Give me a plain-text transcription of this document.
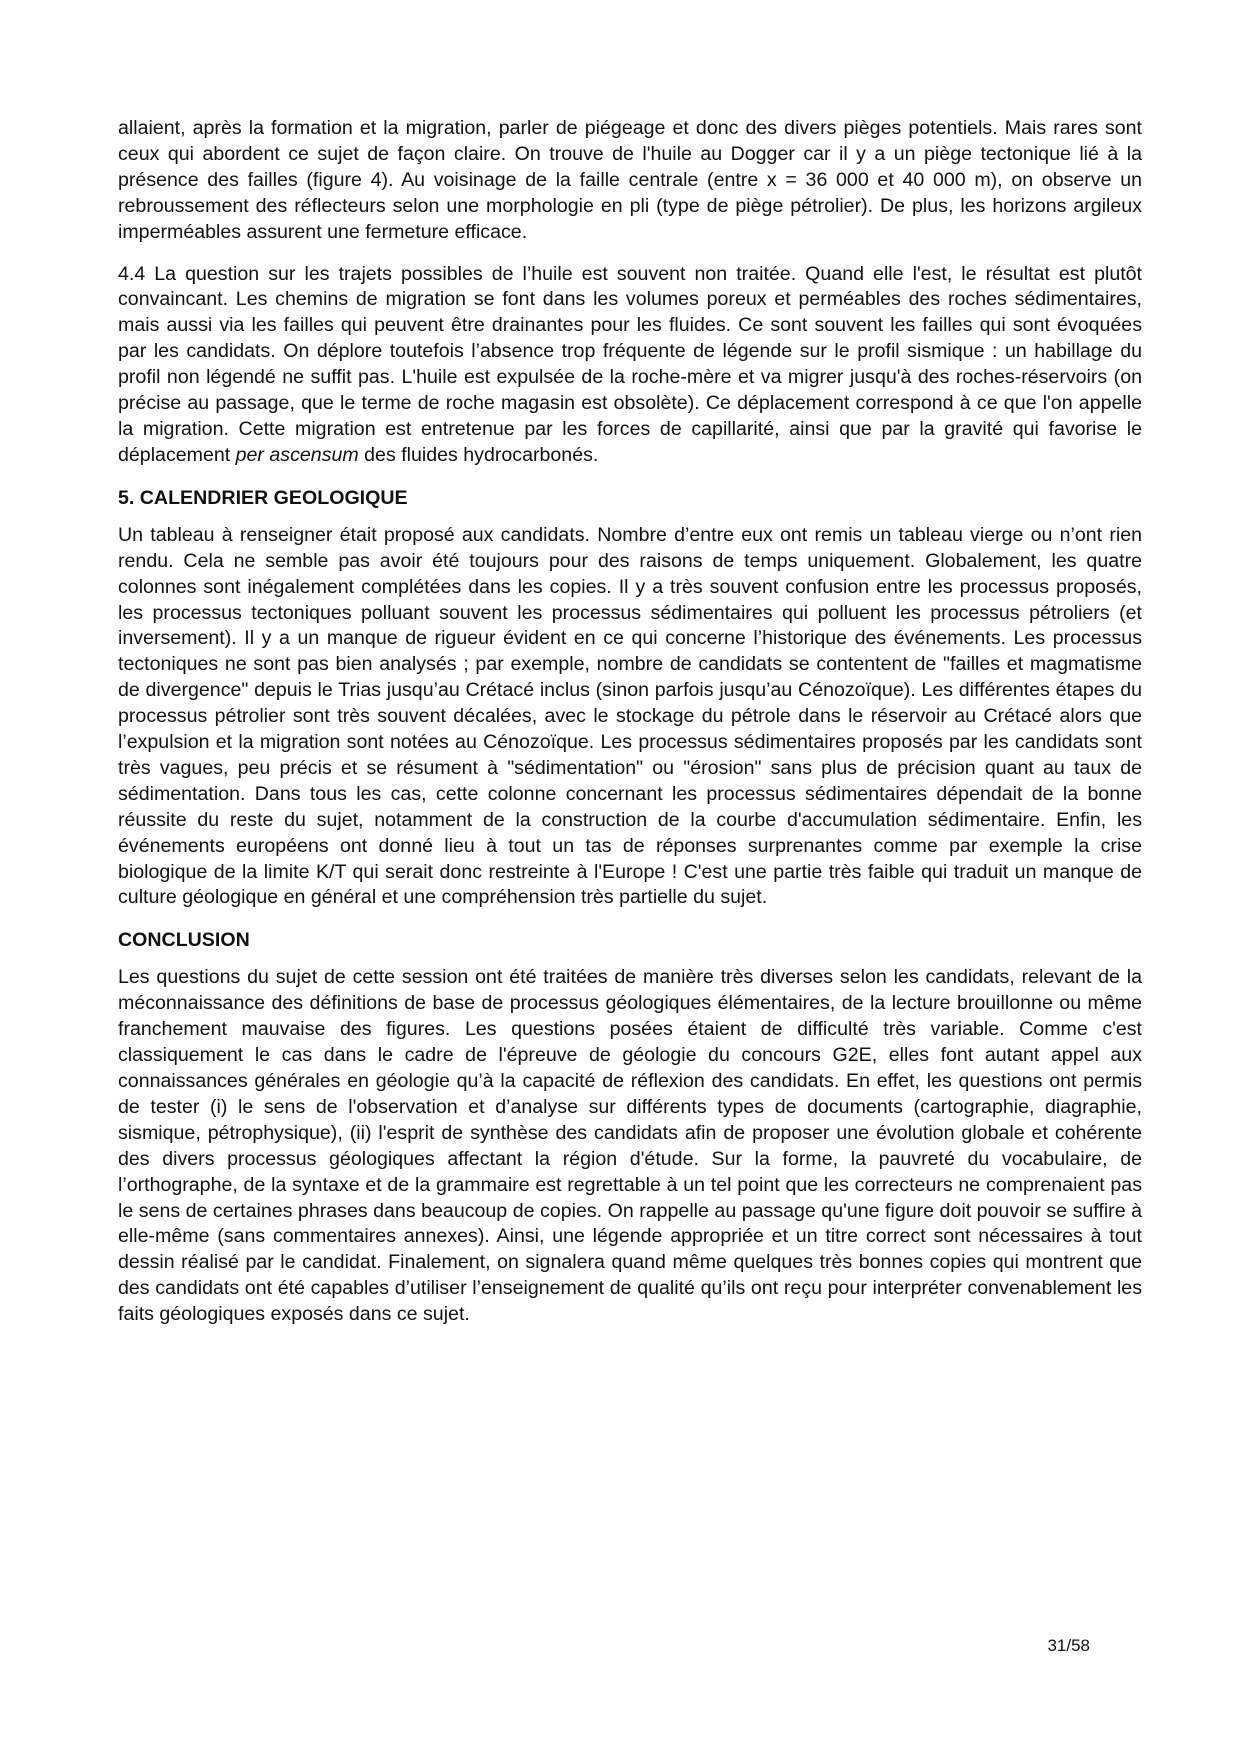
allaient, après la formation et la migration, parler de piégeage et donc des divers pièges potentiels. Mais rares sont ceux qui abordent ce sujet de façon claire. On trouve de l'huile au Dogger car il y a un piège tectonique lié à la présence des failles (figure 4). Au voisinage de la faille centrale (entre x = 36 000 et 40 000 m), on observe un rebroussement des réflecteurs selon une morphologie en pli (type de piège pétrolier). De plus, les horizons argileux imperméables assurent une fermeture efficace.

4.4 La question sur les trajets possibles de l’huile est souvent non traitée. Quand elle l'est, le résultat est plutôt convaincant. Les chemins de migration se font dans les volumes poreux et perméables des roches sédimentaires, mais aussi via les failles qui peuvent être drainantes pour les fluides. Ce sont souvent les failles qui sont évoquées par les candidats. On déplore toutefois l’absence trop fréquente de légende sur le profil sismique : un habillage du profil non légendé ne suffit pas. L'huile est expulsée de la roche-mère et va migrer jusqu'à des roches-réservoirs (on précise au passage, que le terme de roche magasin est obsolète). Ce déplacement correspond à ce que l'on appelle la migration. Cette migration est entretenue par les forces de capillarité, ainsi que par la gravité qui favorise le déplacement per ascensum des fluides hydrocarbonés.

5. CALENDRIER GEOLOGIQUE

Un tableau à renseigner était proposé aux candidats. Nombre d’entre eux ont remis un tableau vierge ou n’ont rien rendu. Cela ne semble pas avoir été toujours pour des raisons de temps uniquement. Globalement, les quatre colonnes sont inégalement complétées dans les copies. Il y a très souvent confusion entre les processus proposés, les processus tectoniques polluant souvent les processus sédimentaires qui polluent les processus pétroliers (et inversement). Il y a un manque de rigueur évident en ce qui concerne l’historique des événements. Les processus tectoniques ne sont pas bien analysés ; par exemple, nombre de candidats se contentent de "failles et magmatisme de divergence" depuis le Trias jusqu’au Crétacé inclus (sinon parfois jusqu’au Cénozoïque). Les différentes étapes du processus pétrolier sont très souvent décalées, avec le stockage du pétrole dans le réservoir au Crétacé alors que l’expulsion et la migration sont notées au Cénozoïque. Les processus sédimentaires proposés par les candidats sont très vagues, peu précis et se résument à "sédimentation" ou "érosion" sans plus de précision quant au taux de sédimentation. Dans tous les cas, cette colonne concernant les processus sédimentaires dépendait de la bonne réussite du reste du sujet, notamment de la construction de la courbe d'accumulation sédimentaire. Enfin, les événements européens ont donné lieu à tout un tas de réponses surprenantes comme par exemple la crise biologique de la limite K/T qui serait donc restreinte à l'Europe ! C'est une partie très faible qui traduit un manque de culture géologique en général et une compréhension très partielle du sujet.

CONCLUSION

Les questions du sujet de cette session ont été traitées de manière très diverses selon les candidats, relevant de la méconnaissance des définitions de base de processus géologiques élémentaires, de la lecture brouillonne ou même franchement mauvaise des figures. Les questions posées étaient de difficulté très variable. Comme c'est classiquement le cas dans le cadre de l'épreuve de géologie du concours G2E, elles font autant appel aux connaissances générales en géologie qu’à la capacité de réflexion des candidats. En effet, les questions ont permis de tester (i) le sens de l'observation et d’analyse sur différents types de documents (cartographie, diagraphie, sismique, pétrophysique), (ii) l'esprit de synthèse des candidats afin de proposer une évolution globale et cohérente des divers processus géologiques affectant la région d'étude. Sur la forme, la pauvreté du vocabulaire, de l’orthographe, de la syntaxe et de la grammaire est regrettable à un tel point que les correcteurs ne comprenaient pas le sens de certaines phrases dans beaucoup de copies. On rappelle au passage qu'une figure doit pouvoir se suffire à elle-même (sans commentaires annexes). Ainsi, une légende appropriée et un titre correct sont nécessaires à tout dessin réalisé par le candidat. Finalement, on signalera quand même quelques très bonnes copies qui montrent que des candidats ont été capables d’utiliser l’enseignement de qualité qu’ils ont reçu pour interpréter convenablement les faits géologiques exposés dans ce sujet.

31/58
